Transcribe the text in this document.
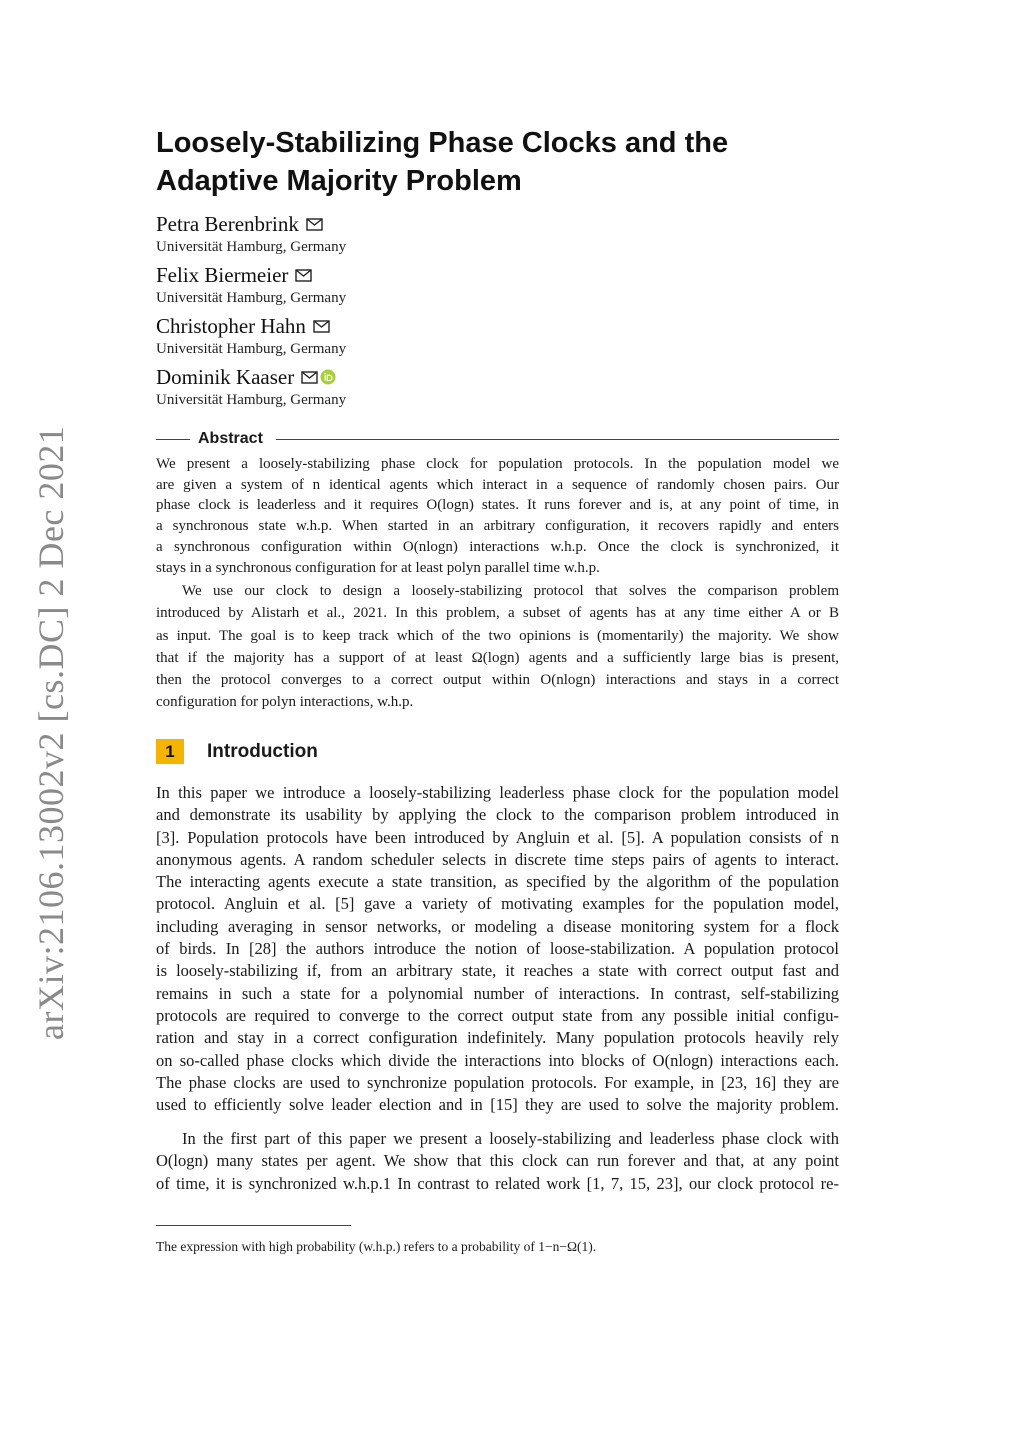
arXiv:2106.13002v2 [cs.DC] 2 Dec 2021
Loosely-Stabilizing Phase Clocks and the
Adaptive Majority Problem
Petra Berenbrink
Universität Hamburg, Germany
Felix Biermeier
Universität Hamburg, Germany
Christopher Hahn
Universität Hamburg, Germany
Dominik Kaaser
Universität Hamburg, Germany
Abstract
We present a loosely-stabilizing phase clock for population protocols. In the population model we
are given a system of n identical agents which interact in a sequence of randomly chosen pairs. Our
phase clock is leaderless and it requires O(logn) states. It runs forever and is, at any point of time, in
a synchronous state w.h.p. When started in an arbitrary configuration, it recovers rapidly and enters
a synchronous configuration within O(nlogn) interactions w.h.p. Once the clock is synchronized, it
stays in a synchronous configuration for at least polyn parallel time w.h.p.
We use our clock to design a loosely-stabilizing protocol that solves the comparison problem
introduced by Alistarh et al., 2021. In this problem, a subset of agents has at any time either A or B
as input. The goal is to keep track which of the two opinions is (momentarily) the majority. We show
that if the majority has a support of at least Ω(logn) agents and a sufficiently large bias is present,
then the protocol converges to a correct output within O(nlogn) interactions and stays in a correct
configuration for polyn interactions, w.h.p.
1	Introduction
In this paper we introduce a loosely-stabilizing leaderless phase clock for the population model
and demonstrate its usability by applying the clock to the comparison problem introduced in
[3]. Population protocols have been introduced by Angluin et al. [5]. A population consists of n
anonymous agents. A random scheduler selects in discrete time steps pairs of agents to interact.
The interacting agents execute a state transition, as specified by the algorithm of the population
protocol. Angluin et al. [5] gave a variety of motivating examples for the population model,
including averaging in sensor networks, or modeling a disease monitoring system for a flock
of birds. In [28] the authors introduce the notion of loose-stabilization. A population protocol
is loosely-stabilizing if, from an arbitrary state, it reaches a state with correct output fast and
remains in such a state for a polynomial number of interactions. In contrast, self-stabilizing
protocols are required to converge to the correct output state from any possible initial configu-
ration and stay in a correct configuration indefinitely. Many population protocols heavily rely
on so-called phase clocks which divide the interactions into blocks of O(nlogn) interactions each.
The phase clocks are used to synchronize population protocols. For example, in [23, 16] they are
used to efficiently solve leader election and in [15] they are used to solve the majority problem.
In the first part of this paper we present a loosely-stabilizing and leaderless phase clock with
O(logn) many states per agent. We show that this clock can run forever and that, at any point
of time, it is synchronized w.h.p.1 In contrast to related work [1, 7, 15, 23], our clock protocol re-
The expression with high probability (w.h.p.) refers to a probability of 1−n−Ω(1).
